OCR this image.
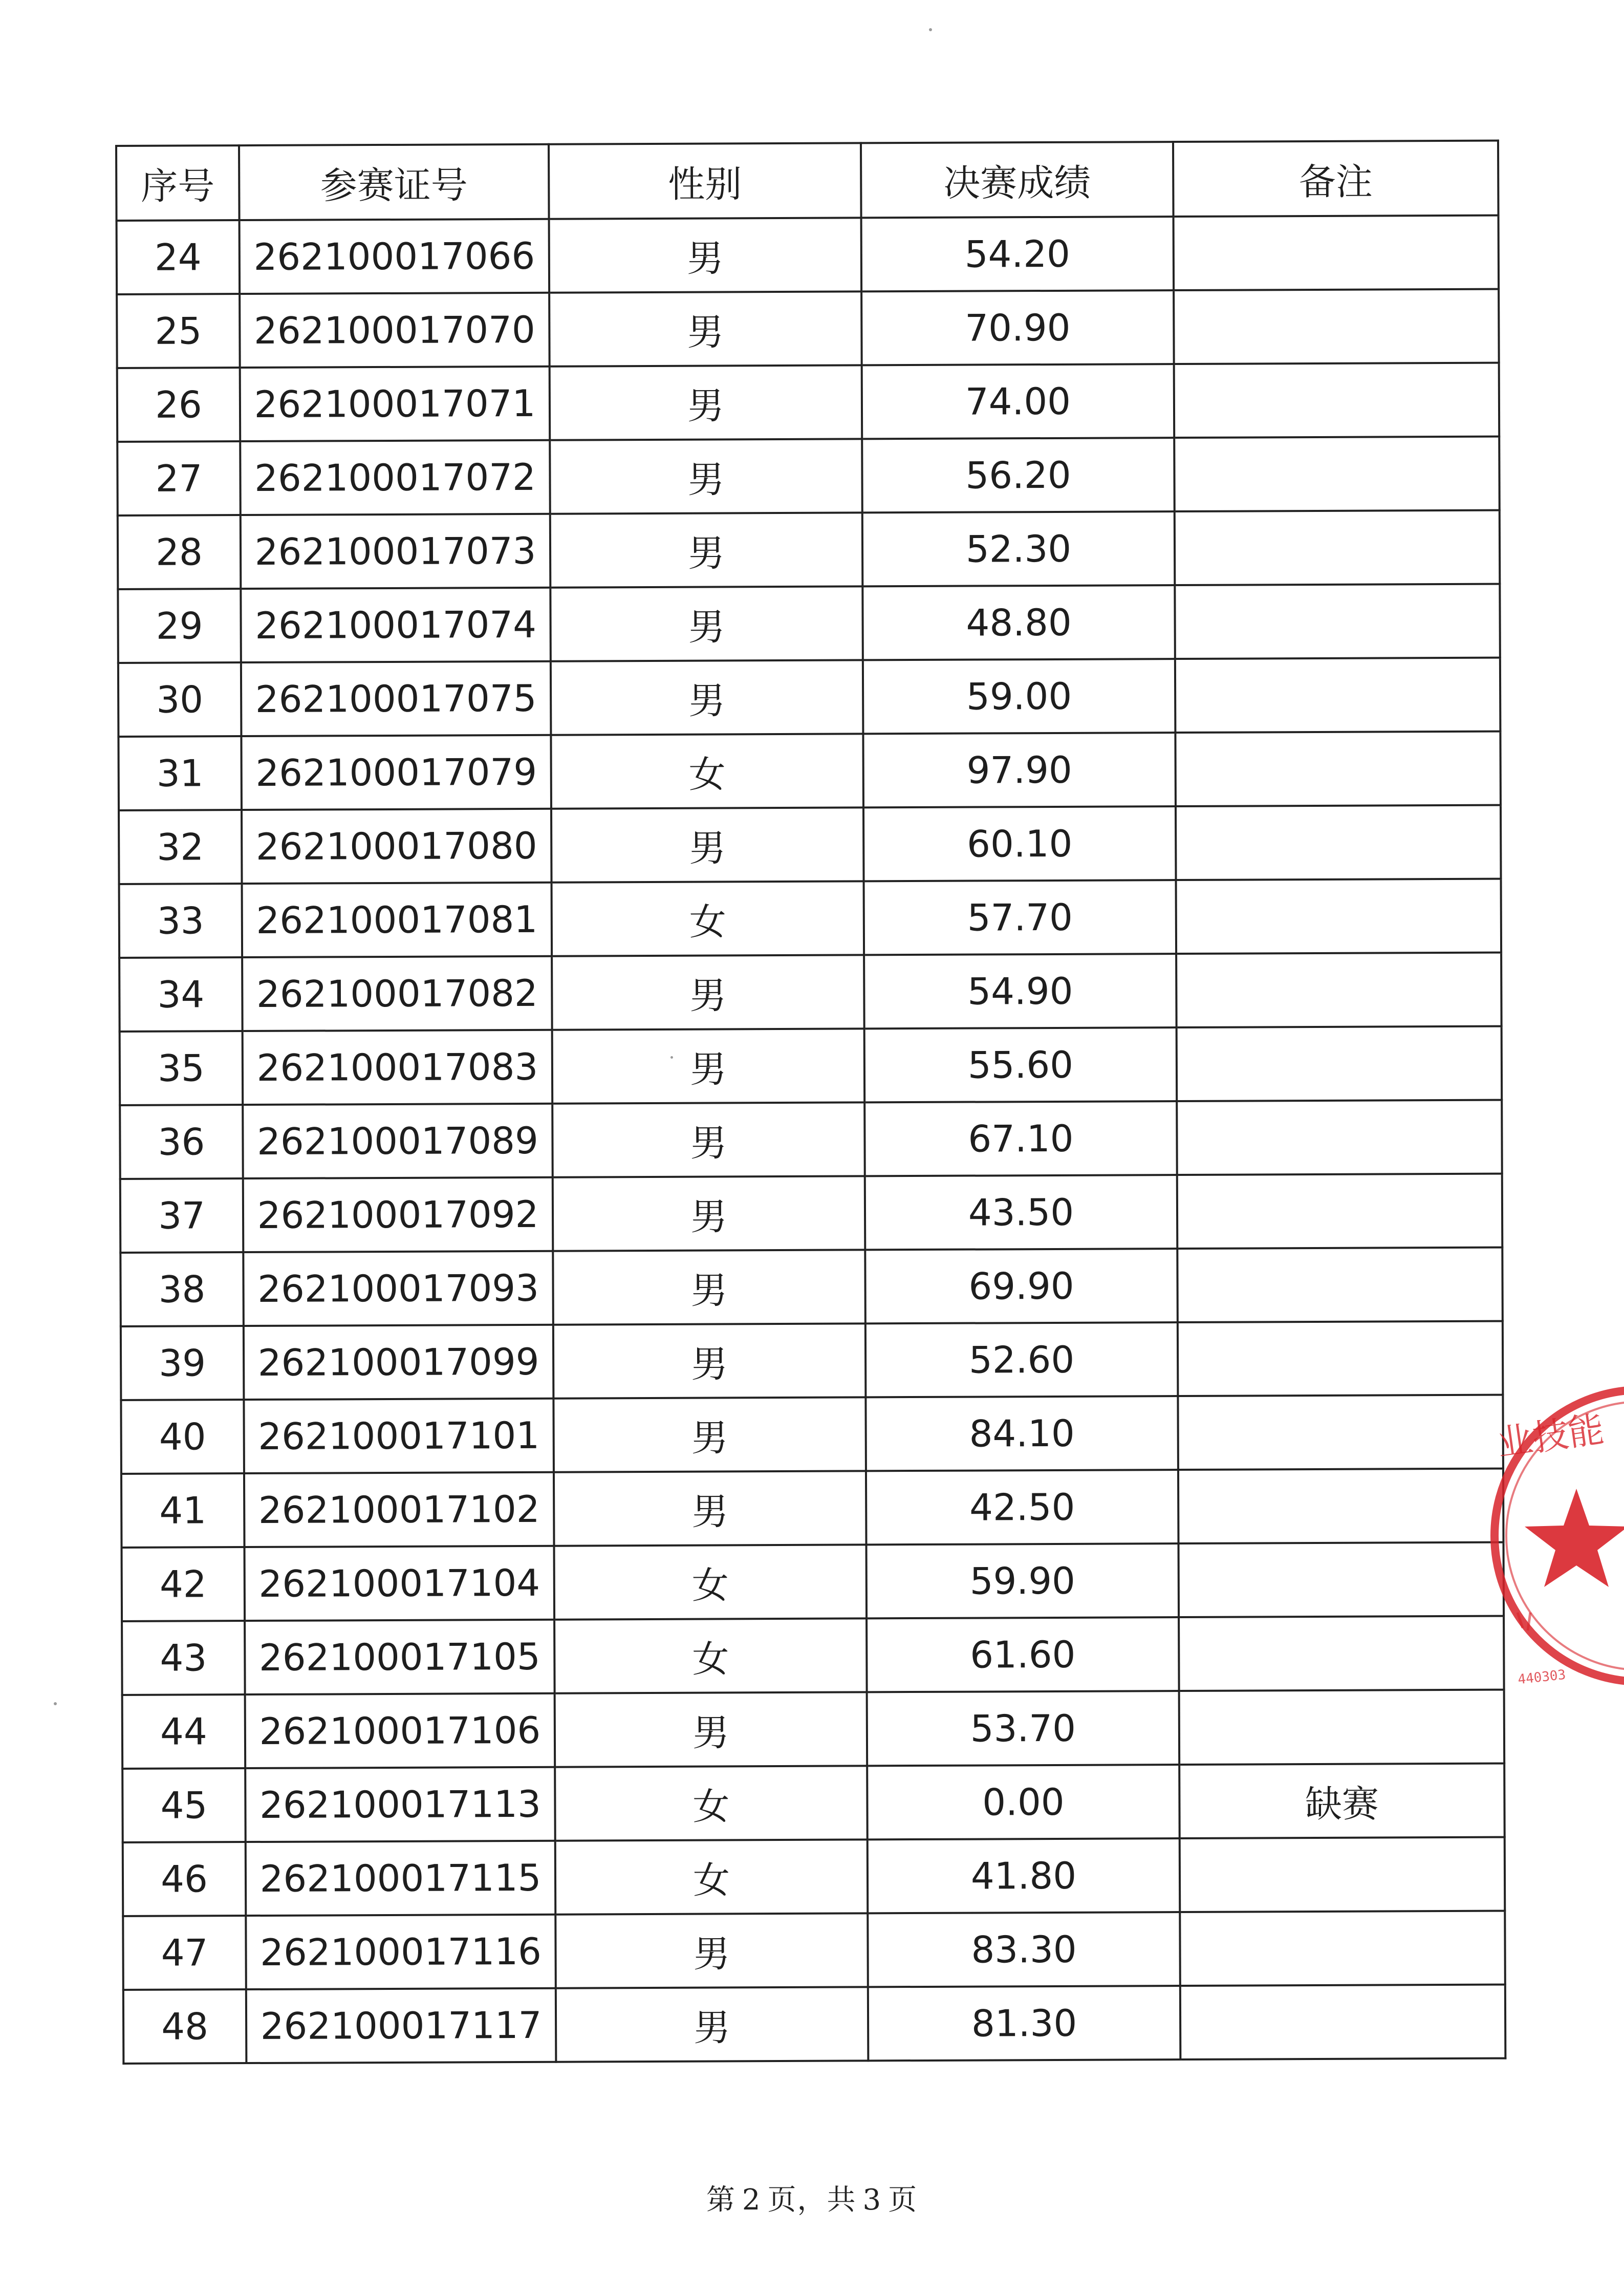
序号	参赛证号	性别	决赛成绩	备注
24	262100017066	男	54.20	
25	262100017070	男	70.90	
26	262100017071	男	74.00	
27	262100017072	男	56.20	
28	262100017073	男	52.30	
29	262100017074	男	48.80	
30	262100017075	男	59.00	
31	262100017079	女	97.90	
32	262100017080	男	60.10	
33	262100017081	女	57.70	
34	262100017082	男	54.90	
35	262100017083	男	55.60	
36	262100017089	男	67.10	
37	262100017092	男	43.50	
38	262100017093	男	69.90	
39	262100017099	男	52.60	
40	262100017101	男	84.10	
41	262100017102	男	42.50	
42	262100017104	女	59.90	
43	262100017105	女	61.60	
44	262100017106	男	53.70	
45	262100017113	女	0.00	缺赛
46	262100017115	女	41.80	
47	262100017116	男	83.30	
48	262100017117	男	81.30	
第 2 页，共 3 页
业技能
440303
